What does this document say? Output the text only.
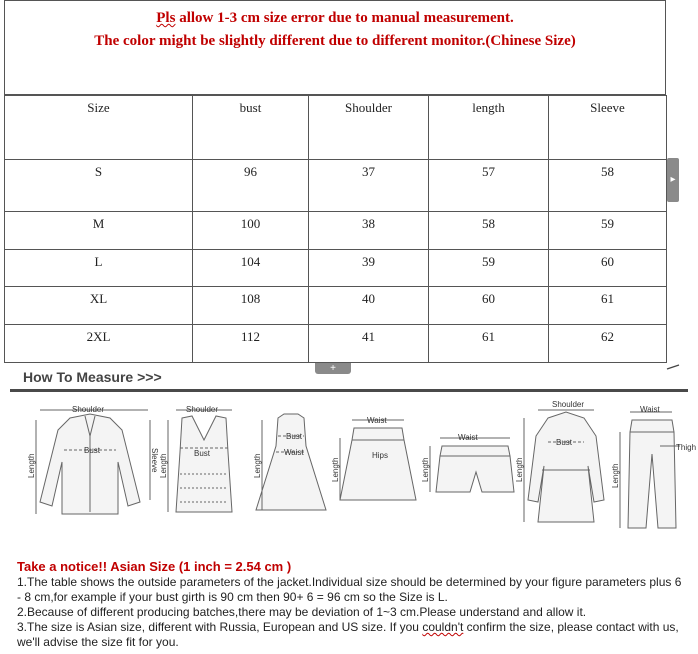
Pls allow 1-3 cm size error due to manual measurement.
The color might be slightly different due to different monitor.(Chinese Size)
Size	bust	Shoulder	length	Sleeve
S	96	37	57	58
M	100	38	58	59
L	104	39	59	60
XL	108	40	60	61
2XL	112	41	61	62
▸
+
How To Measure >>>
Shoulder	Shoulder
Bust	Bust
Bust
Waist
Waist
Hips
Waist
Shoulder
Bust
Waist
Thigh
Length	Sleeve Length	Length	Length	Length	Length	Length
Take a notice!! Asian Size (1 inch = 2.54 cm )

1.The table shows the outside parameters of the jacket.Individual size should be determined by your figure parameters plus 6 - 8 cm,for example if your bust girth is 90 cm then 90+ 6 = 96 cm so the Size is L.

2.Because of different producing batches,there may be deviation of 1~3 cm.Please understand and allow it.

3.The size is Asian size, different with Russia, European and US size. If you couldn't confirm the size, please contact with us, we'll advise the size fit for you.
